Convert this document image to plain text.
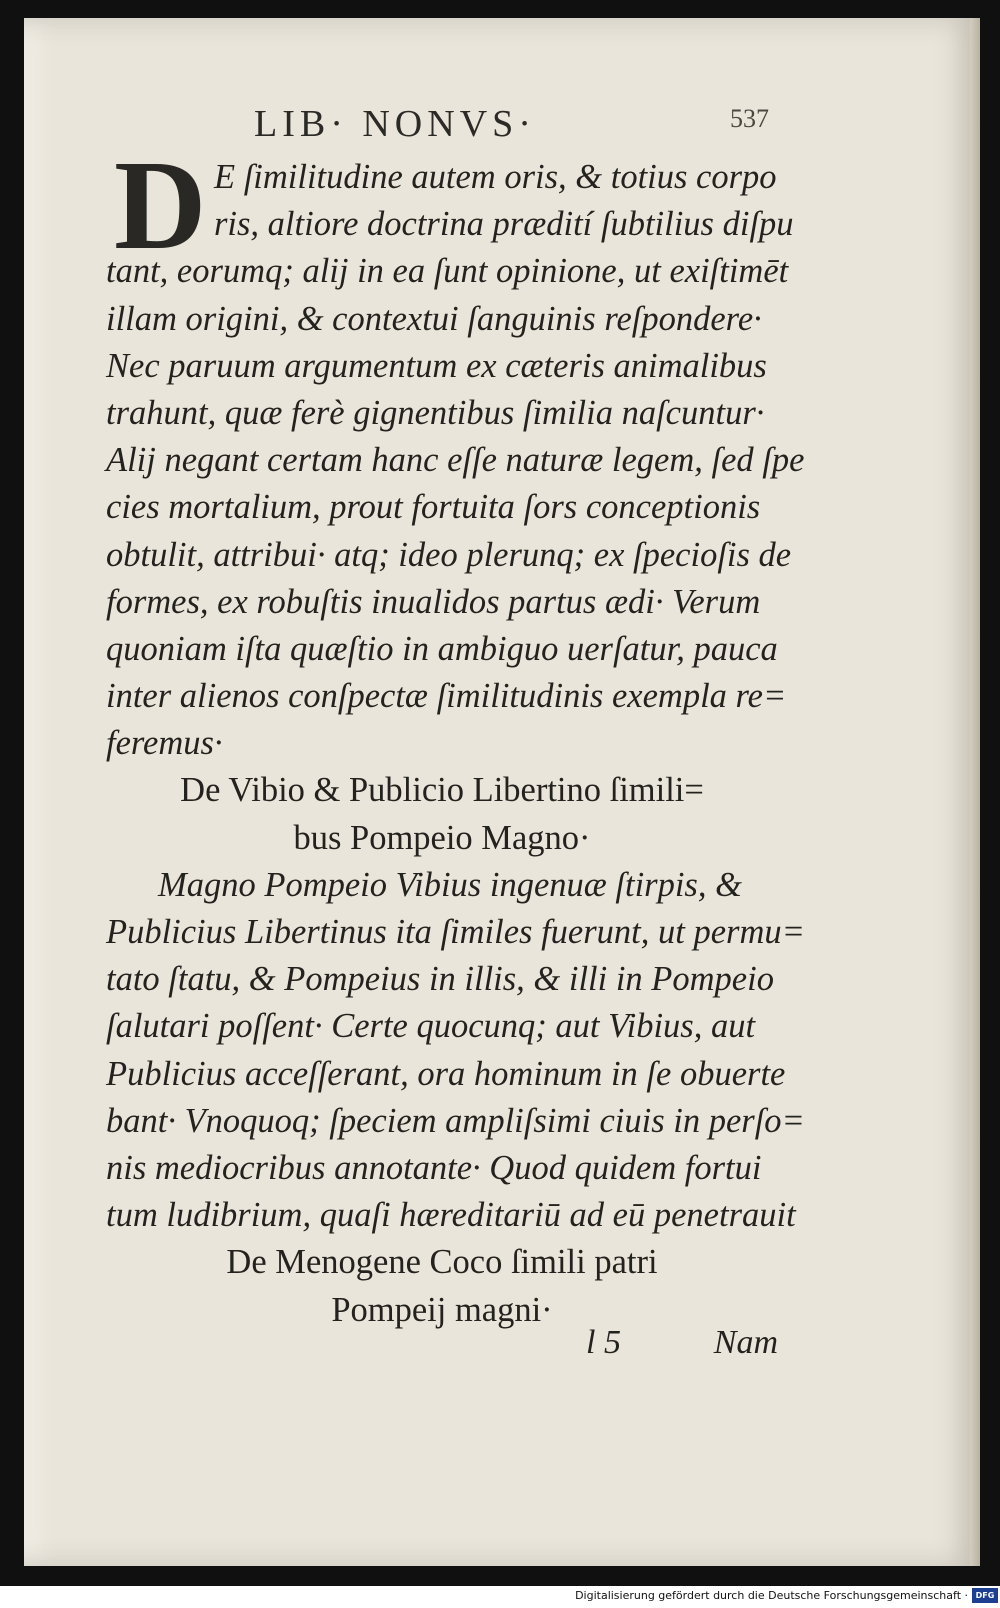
LIB· NONVS·	537
D E ſimilitudine autem oris, & totius corpo
ris, altiore doctrina prædití ſubtilius diſpu
tant, eorumq; alij in ea ſunt opinione, ut exiſtimēt
illam origini, & contextui ſanguinis reſpondere·
Nec paruum argumentum ex cæteris animalibus
trahunt, quæ ferè gignentibus ſimilia naſcuntur·
Alij negant certam hanc eſſe naturæ legem, ſed ſpe
cies mortalium, prout fortuita ſors conceptionis
obtulit, attribui· atq; ideo plerunq; ex ſpecioſis de
formes, ex robuſtis inualidos partus ædi· Verum
quoniam iſta quæſtio in ambiguo uerſatur, pauca
inter alienos conſpectæ ſimilitudinis exempla re=
feremus·
De Vibio & Publicio Libertino ſimili=
bus Pompeio Magno·
Magno Pompeio Vibius ingenuæ ſtirpis, &
Publicius Libertinus ita ſimiles fuerunt, ut permu=
tato ſtatu, & Pompeius in illis, & illi in Pompeio
ſalutari poſſent· Certe quocunq; aut Vibius, aut
Publicius acceſſerant, ora hominum in ſe obuerte
bant· Vnoquoq; ſpeciem ampliſsimi ciuis in perſo=
nis mediocribus annotante· Quod quidem fortui
tum ludibrium, quaſi hæreditariū ad eū penetrauit
De Menogene Coco ſimili patri
Pompeij magni·
l 5	Nam
Digitalisierung gefördert durch die Deutsche Forschungsgemeinschaft · DFG
